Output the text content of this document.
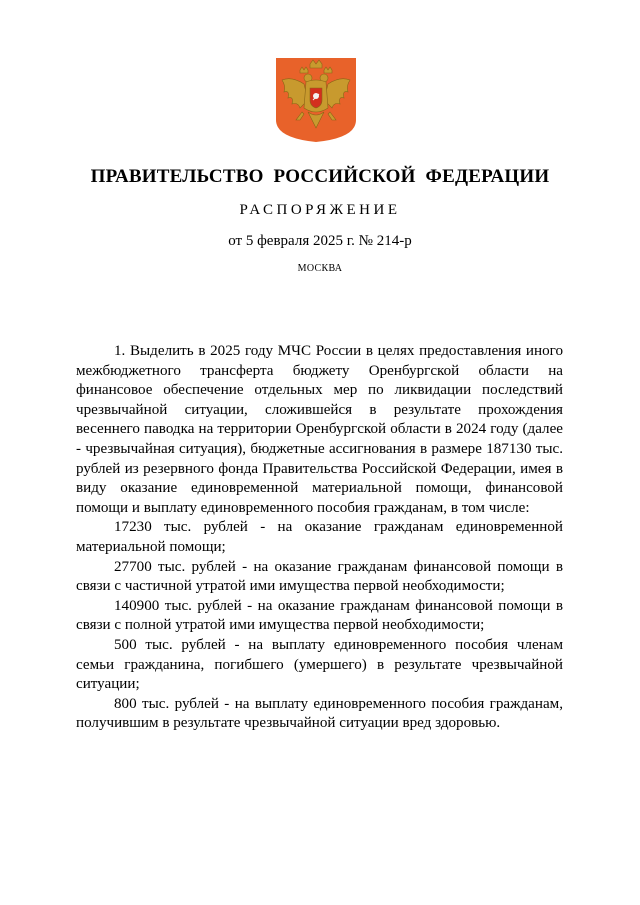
ПРАВИТЕЛЬСТВО РОССИЙСКОЙ ФЕДЕРАЦИИ
РАСПОРЯЖЕНИЕ
от 5 февраля 2025 г. № 214-р
МОСКВА

1. Выделить в 2025 году МЧС России в целях предоставления иного межбюджетного трансферта бюджету Оренбургской области на финансовое обеспечение отдельных мер по ликвидации последствий чрезвычайной ситуации, сложившейся в результате прохождения весеннего паводка на территории Оренбургской области в 2024 году (далее - чрезвычайная ситуация), бюджетные ассигнования в размере 187130 тыс. рублей из резервного фонда Правительства Российской Федерации, имея в виду оказание единовременной материальной помощи, финансовой помощи и выплату единовременного пособия гражданам, в том числе:

17230 тыс. рублей - на оказание гражданам единовременной материальной помощи;

27700 тыс. рублей - на оказание гражданам финансовой помощи в связи с частичной утратой ими имущества первой необходимости;

140900 тыс. рублей - на оказание гражданам финансовой помощи в связи с полной утратой ими имущества первой необходимости;

500 тыс. рублей - на выплату единовременного пособия членам семьи гражданина, погибшего (умершего) в результате чрезвычайной ситуации;

800 тыс. рублей - на выплату единовременного пособия гражданам, получившим в результате чрезвычайной ситуации вред здоровью.
